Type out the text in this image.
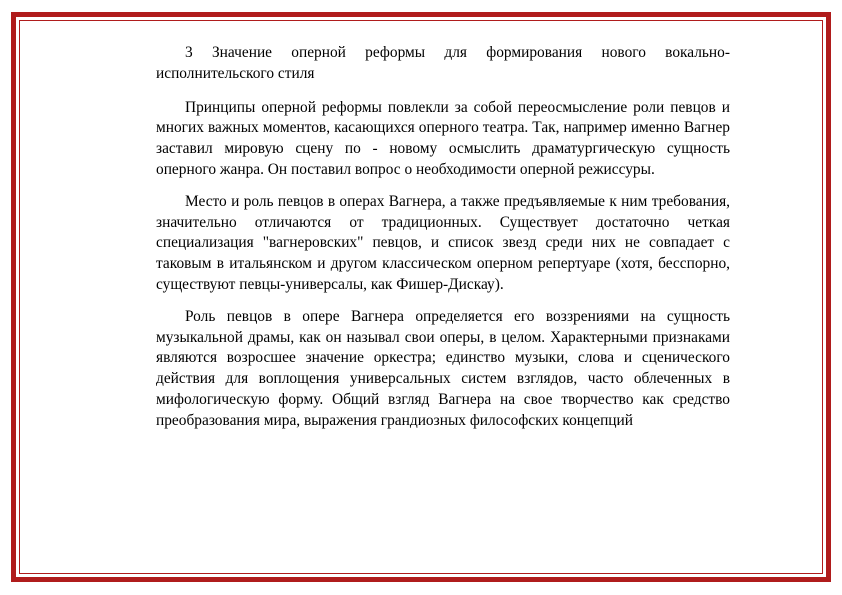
3 Значение оперной реформы для формирования нового вокально-исполнительского стиля

Принципы оперной реформы повлекли за собой переосмысление роли певцов и многих важных моментов, касающихся оперного театра. Так, например именно Вагнер заставил мировую сцену по - новому осмыслить драматургическую сущность оперного жанра. Он поставил вопрос о необходимости оперной режиссуры.

Место и роль певцов в операх Вагнера, а также предъявляемые к ним требования, значительно отличаются от традиционных. Существует достаточно четкая специализация "вагнеровских" певцов, и список звезд среди них не совпадает с таковым в итальянском и другом классическом оперном репертуаре (хотя, бесспорно, существуют певцы-универсалы, как Фишер-Дискау).

Роль певцов в опере Вагнера определяется его воззрениями на сущность музыкальной драмы, как он называл свои оперы, в целом. Характерными признаками являются возросшее значение оркестра; единство музыки, слова и сценического действия для воплощения универсальных систем взглядов, часто облеченных в мифологическую форму. Общий взгляд Вагнера на свое творчество как средство преобразования мира, выражения грандиозных философских концепций
